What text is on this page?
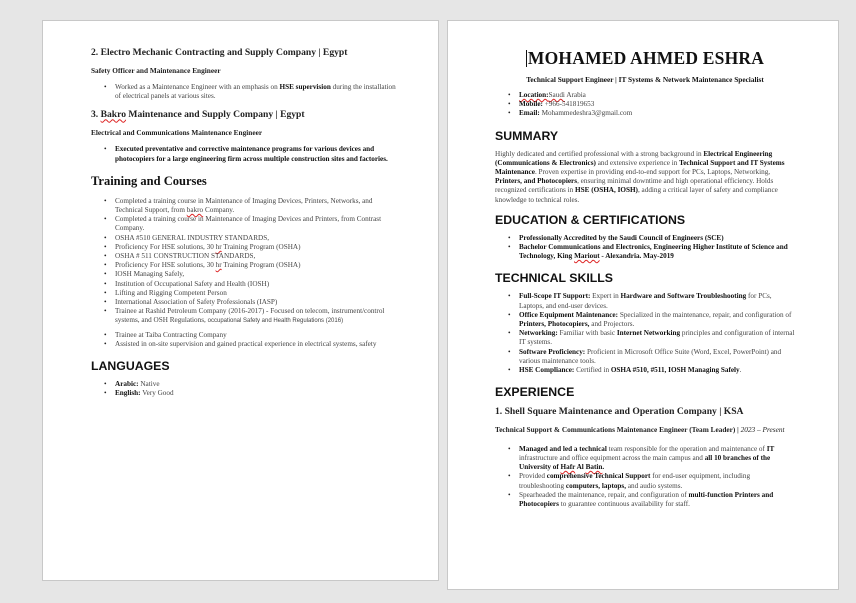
2. Electro Mechanic Contracting and Supply Company | Egypt
Safety Officer and Maintenance Engineer
• Worked as a Maintenance Engineer with an emphasis on HSE supervision during the installation of electrical panels at various sites.
3. Bakro Maintenance and Supply Company | Egypt
Electrical and Communications Maintenance Engineer
• Executed preventative and corrective maintenance programs for various devices and photocopiers for a large engineering firm across multiple construction sites and factories.
Training and Courses
• Completed a training course in Maintenance of Imaging Devices, Printers, Networks, and Technical Support, from bakro Company.
• Completed a training course in Maintenance of Imaging Devices and Printers, from Contrast Company.
• OSHA #510 GENERAL INDUSTRY STANDARDS,
• Proficiency For HSE solutions, 30 hr Training Program (OSHA)
• OSHA # 511 CONSTRUCTION STANDARDS,
• Proficiency For HSE solutions, 30 hr Training Program (OSHA)
• IOSH Managing Safely,
• Institution of Occupational Safety and Health (IOSH)
• Lifting and Rigging Competent Person
• International Association of Safety Professionals (IASP)
• Trainee at Rashid Petroleum Company (2016-2017) - Focused on telecom, instrument/control systems, and OSH Regulations, occupational Safety and Health Regulations (2016)
• Trainee at Taiba Contracting Company
• Assisted in on-site supervision and gained practical experience in electrical systems, safety
LANGUAGES
• Arabic: Native
• English: Very Good
MOHAMED AHMED ESHRA
Technical Support Engineer | IT Systems & Network Maintenance Specialist
• Location:Saudi Arabia
• Mobile: +966-541819653
• Email: Mohammedeshra3@gmail.com
SUMMARY
Highly dedicated and certified professional with a strong background in Electrical Engineering (Communications & Electronics) and extensive experience in Technical Support and IT Systems Maintenance. Proven expertise in providing end-to-end support for PCs, Laptops, Networking, Printers, and Photocopiers, ensuring minimal downtime and high operational efficiency. Holds recognized certifications in HSE (OSHA, IOSH), adding a critical layer of safety and compliance knowledge to technical roles.
EDUCATION & CERTIFICATIONS
• Professionally Accredited by the Saudi Council of Engineers (SCE)
• Bachelor Communications and Electronics, Engineering Higher Institute of Science and Technology, King Mariout - Alexandria. May-2019
TECHNICAL SKILLS
• Full-Scope IT Support: Expert in Hardware and Software Troubleshooting for PCs, Laptops, and end-user devices.
• Office Equipment Maintenance: Specialized in the maintenance, repair, and configuration of Printers, Photocopiers, and Projectors.
• Networking: Familiar with basic Internet Networking principles and configuration of internal IT systems.
• Software Proficiency: Proficient in Microsoft Office Suite (Word, Excel, PowerPoint) and various maintenance tools.
• HSE Compliance: Certified in OSHA #510, #511, IOSH Managing Safely.
EXPERIENCE
1. Shell Square Maintenance and Operation Company | KSA
Technical Support & Communications Maintenance Engineer (Team Leader) | 2023 – Present
• Managed and led a technical team responsible for the operation and maintenance of IT infrastructure and office equipment across the main campus and all 10 branches of the University of Hafr Al Batin.
• Provided comprehensive Technical Support for end-user equipment, including troubleshooting computers, laptops, and audio systems.
• Spearheaded the maintenance, repair, and configuration of multi-function Printers and Photocopiers to guarantee continuous availability for staff.
